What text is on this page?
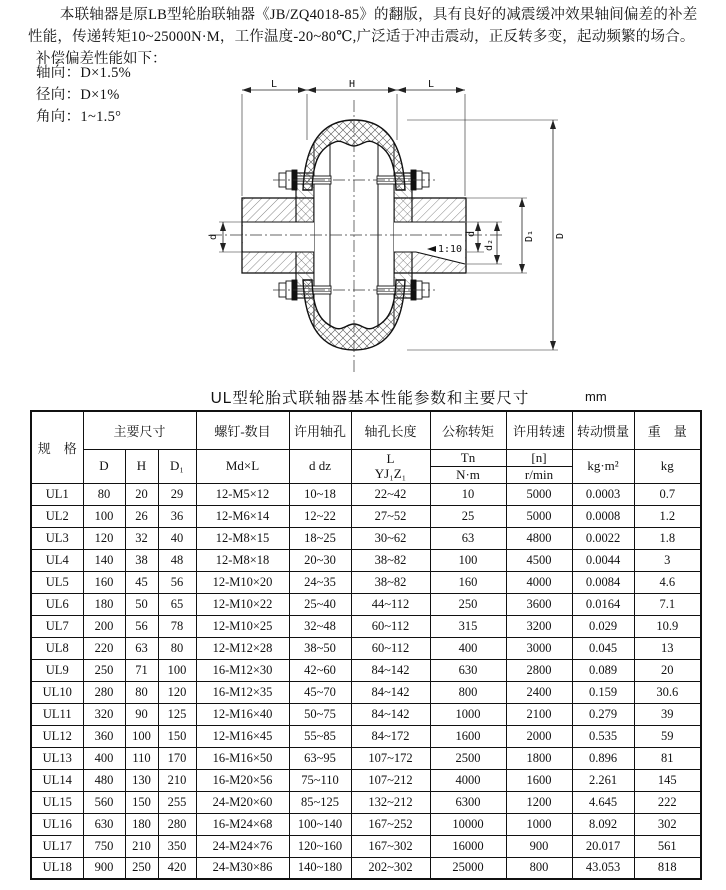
本联轴器是原LB型轮胎联轴器《JB/ZQ4018-85》的翻版，具有良好的减震缓冲效果轴间偏差的补差性能，传递转矩10~25000N·M，工作温度-20~80℃,广泛适于冲击震动，正反转多变，起动频繁的场合。

补偿偏差性能如下：

轴向：D×1.5%
径向：D×1%
角向：1~1.5°
L	H	L
d	d
d₂
D₁ D
1:10
UL型轮胎式联轴器基本性能参数和主要尺寸	mm
规　格	主要尺寸			螺钉-数目	许用轴孔	轴孔长度	公称转矩	许用转速	转动惯量	重　量
	D	H	D₁	Md×L	d dz	L
YJ₁Z₁	Tn	[n]	kg·m²	kg
							N·m	r/min		
UL1	80	20	29	12-M5×12	10~18	22~42	10	5000	0.0003	0.7
UL2	100	26	36	12-M6×14	12~22	27~52	25	5000	0.0008	1.2
UL3	120	32	40	12-M8×15	18~25	30~62	63	4800	0.0022	1.8
UL4	140	38	48	12-M8×18	20~30	38~82	100	4500	0.0044	3
UL5	160	45	56	12-M10×20	24~35	38~82	160	4000	0.0084	4.6
UL6	180	50	65	12-M10×22	25~40	44~112	250	3600	0.0164	7.1
UL7	200	56	78	12-M10×25	32~48	60~112	315	3200	0.029	10.9
UL8	220	63	80	12-M12×28	38~50	60~112	400	3000	0.045	13
UL9	250	71	100	16-M12×30	42~60	84~142	630	2800	0.089	20
UL10	280	80	120	16-M12×35	45~70	84~142	800	2400	0.159	30.6
UL11	320	90	125	12-M16×40	50~75	84~142	1000	2100	0.279	39
UL12	360	100	150	12-M16×45	55~85	84~172	1600	2000	0.535	59
UL13	400	110	170	16-M16×50	63~95	107~172	2500	1800	0.896	81
UL14	480	130	210	16-M20×56	75~110	107~212	4000	1600	2.261	145
UL15	560	150	255	24-M20×60	85~125	132~212	6300	1200	4.645	222
UL16	630	180	280	16-M24×68	100~140	167~252	10000	1000	8.092	302
UL17	750	210	350	24-M24×76	120~160	167~302	16000	900	20.017	561
UL18	900	250	420	24-M30×86	140~180	202~302	25000	800	43.053	818
